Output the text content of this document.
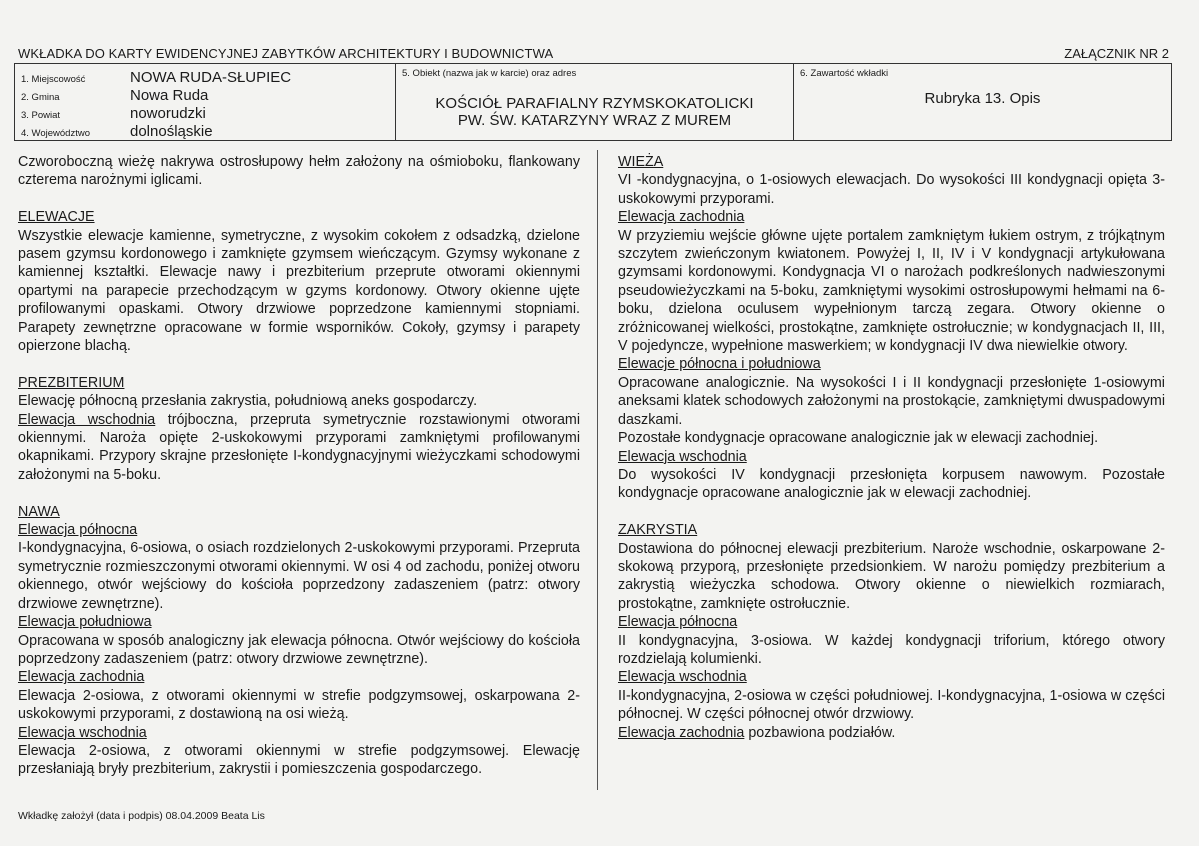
WKŁADKA DO KARTY EWIDENCYJNEJ ZABYTKÓW ARCHITEKTURY I BUDOWNICTWA	ZAŁĄCZNIK NR 2
1. Miejscowość	NOWA RUDA-SŁUPIEC
2. Gmina	Nowa Ruda
3. Powiat	noworudzki
4. Województwo	dolnośląskie
5. Obiekt (nazwa jak w karcie) oraz adres
KOŚCIÓŁ PARAFIALNY RZYMSKOKATOLICKI
PW. ŚW. KATARZYNY WRAZ Z MUREM
6. Zawartość wkładki
Rubryka 13. Opis
Czworoboczną wieżę nakrywa ostrosłupowy hełm założony na ośmioboku, flankowany czterema narożnymi iglicami.
ELEWACJE
Wszystkie elewacje kamienne, symetryczne, z wysokim cokołem z odsadzką, dzielone pasem gzymsu kordonowego i zamknięte gzymsem wieńczącym. Gzymsy wykonane z kamiennej kształtki. Elewacje nawy i prezbiterium przeprute otworami okiennymi opartymi na parapecie przechodzącym w gzyms kordonowy. Otwory okienne ujęte profilowanymi opaskami. Otwory drzwiowe poprzedzone kamiennymi stopniami. Parapety zewnętrzne opracowane w formie wsporników. Cokoły, gzymsy i parapety opierzone blachą.
PREZBITERIUM
Elewację północną przesłania zakrystia, południową aneks gospodarczy.
Elewacja wschodnia trójboczna, przepruta symetrycznie rozstawionymi otworami okiennymi. Naroża opięte 2-uskokowymi przyporami zamkniętymi profilowanymi okapnikami. Przypory skrajne przesłonięte I-kondygnacyjnymi wieżyczkami schodowymi założonymi na 5-boku.
NAWA
Elewacja północna
I-kondygnacyjna, 6-osiowa, o osiach rozdzielonych 2-uskokowymi przyporami. Przepruta symetrycznie rozmieszczonymi otworami okiennymi. W osi 4 od zachodu, poniżej otworu okiennego, otwór wejściowy do kościoła poprzedzony zadaszeniem (patrz: otwory drzwiowe zewnętrzne).
Elewacja południowa
Opracowana w sposób analogiczny jak elewacja północna. Otwór wejściowy do kościoła poprzedzony zadaszeniem (patrz: otwory drzwiowe zewnętrzne).
Elewacja zachodnia
Elewacja 2-osiowa, z otworami okiennymi w strefie podgzymsowej, oskarpowana 2-uskokowymi przyporami, z dostawioną na osi wieżą.
Elewacja wschodnia
Elewacja 2-osiowa, z otworami okiennymi w strefie podgzymsowej. Elewację przesłaniają bryły prezbiterium, zakrystii i pomieszczenia gospodarczego.
WIEŻA
VI -kondygnacyjna, o 1-osiowych elewacjach. Do wysokości III kondygnacji opięta 3-uskokowymi przyporami.
Elewacja zachodnia
W przyziemiu wejście główne ujęte portalem zamkniętym łukiem ostrym, z trójkątnym szczytem zwieńczonym kwiatonem. Powyżej I, II, IV i V kondygnacji artykułowana gzymsami kordonowymi. Kondygnacja VI o narożach podkreślonych nadwieszonymi pseudowieżyczkami na 5-boku, zamkniętymi wysokimi ostrosłupowymi hełmami na 6-boku, dzielona oculusem wypełnionym tarczą zegara. Otwory okienne o zróżnicowanej wielkości, prostokątne, zamknięte ostrołucznie; w kondygnacjach II, III, V pojedyncze, wypełnione maswerkiem; w kondygnacji IV dwa niewielkie otwory.
Elewacje północna i południowa
Opracowane analogicznie. Na wysokości I i II kondygnacji przesłonięte 1-osiowymi aneksami klatek schodowych założonymi na prostokącie, zamkniętymi dwuspadowymi daszkami.
Pozostałe kondygnacje opracowane analogicznie jak w elewacji zachodniej.
Elewacja wschodnia
Do wysokości IV kondygnacji przesłonięta korpusem nawowym. Pozostałe kondygnacje opracowane analogicznie jak w elewacji zachodniej.
ZAKRYSTIA
Dostawiona do północnej elewacji prezbiterium. Naroże wschodnie, oskarpowane 2-skokową przyporą, przesłonięte przedsionkiem. W narożu pomiędzy prezbiterium a zakrystią wieżyczka schodowa. Otwory okienne o niewielkich rozmiarach, prostokątne, zamknięte ostrołucznie.
Elewacja północna
II kondygnacyjna, 3-osiowa. W każdej kondygnacji triforium, którego otwory rozdzielają kolumienki.
Elewacja wschodnia
II-kondygnacyjna, 2-osiowa w części południowej. I-kondygnacyjna, 1-osiowa w części północnej. W części północnej otwór drzwiowy.
Elewacja zachodnia pozbawiona podziałów.
Wkładkę założył (data i podpis) 08.04.2009 Beata Lis
